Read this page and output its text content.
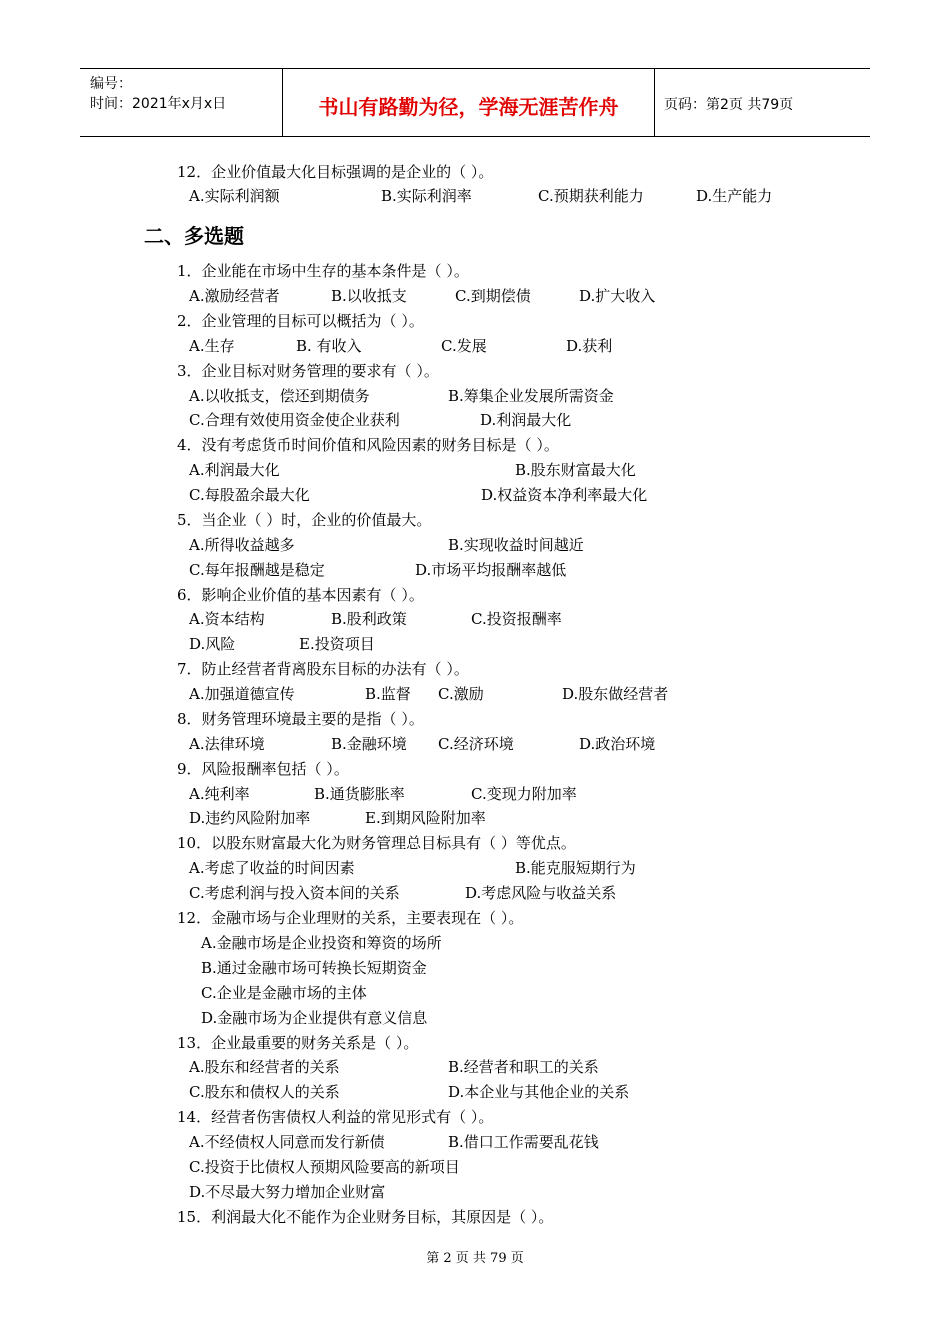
编号：
时间：2021年x月x日	书山有路勤为径，学海无涯苦作舟	页码：第2页 共79页
二、多选题
12．企业价值最大化目标强调的是企业的（ ）。
A.实际利润额	B.实际利润率	C.预期获利能力	D.生产能力
1．企业能在市场中生存的基本条件是（ ）。
A.激励经营者	B.以收抵支	C.到期偿债	D.扩大收入
2．企业管理的目标可以概括为（ ）。
A.生存	B. 有收入	C.发展	D.获利
3．企业目标对财务管理的要求有（ ）。
A.以收抵支，偿还到期债务	B.筹集企业发展所需资金
C.合理有效使用资金使企业获利	D.利润最大化
4．没有考虑货币时间价值和风险因素的财务目标是（ ）。
A.利润最大化	B.股东财富最大化
C.每股盈余最大化	D.权益资本净利率最大化
5．当企业（ ）时，企业的价值最大。
A.所得收益越多	B.实现收益时间越近
C.每年报酬越是稳定	D.市场平均报酬率越低
6．影响企业价值的基本因素有（ ）。
A.资本结构	B.股利政策	C.投资报酬率
D.风险	E.投资项目
7．防止经营者背离股东目标的办法有（ ）。
A.加强道德宣传	B.监督 C.激励	D.股东做经营者
8．财务管理环境最主要的是指（ ）。
A.法律环境	B.金融环境 C.经济环境	D.政治环境
9．风险报酬率包括（ ）。
A.纯利率	B.通货膨胀率	C.变现力附加率
D.违约风险附加率	E.到期风险附加率
10．以股东财富最大化为财务管理总目标具有（ ）等优点。
A.考虑了收益的时间因素	B.能克服短期行为
C.考虑利润与投入资本间的关系	D.考虑风险与收益关系
12．金融市场与企业理财的关系，主要表现在（ ）。
A.金融市场是企业投资和筹资的场所
B.通过金融市场可转换长短期资金
C.企业是金融市场的主体
D.金融市场为企业提供有意义信息
13．企业最重要的财务关系是（ ）。
A.股东和经营者的关系	B.经营者和职工的关系
C.股东和债权人的关系	D.本企业与其他企业的关系
14．经营者伤害债权人利益的常见形式有（ ）。
A.不经债权人同意而发行新债	B.借口工作需要乱花钱
C.投资于比债权人预期风险要高的新项目
D.不尽最大努力增加企业财富
15．利润最大化不能作为企业财务目标，其原因是（ ）。
第 2 页 共 79 页
